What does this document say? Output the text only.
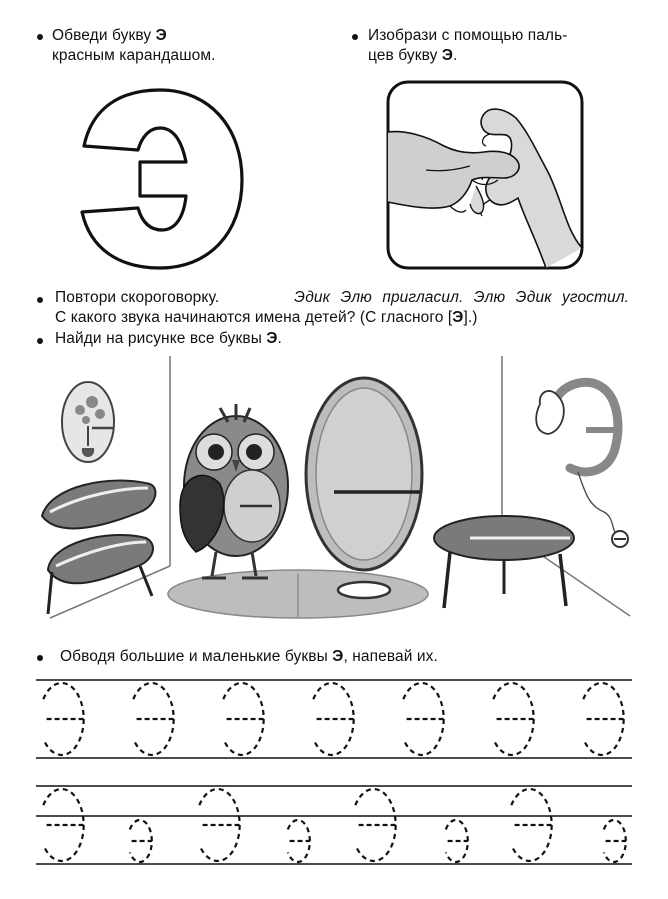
Обведи букву Э
красным карандашом.
Изобрази с помощью паль-
цев букву Э.
Повтори скороговорку.	Эдик Элю пригласил. Элю Эдик угостил.
С какого звука начинаются имена детей? (С гласного [Э].)
Найди на рисунке все буквы Э.
Обводя большие и маленькие буквы Э, напевай их.
